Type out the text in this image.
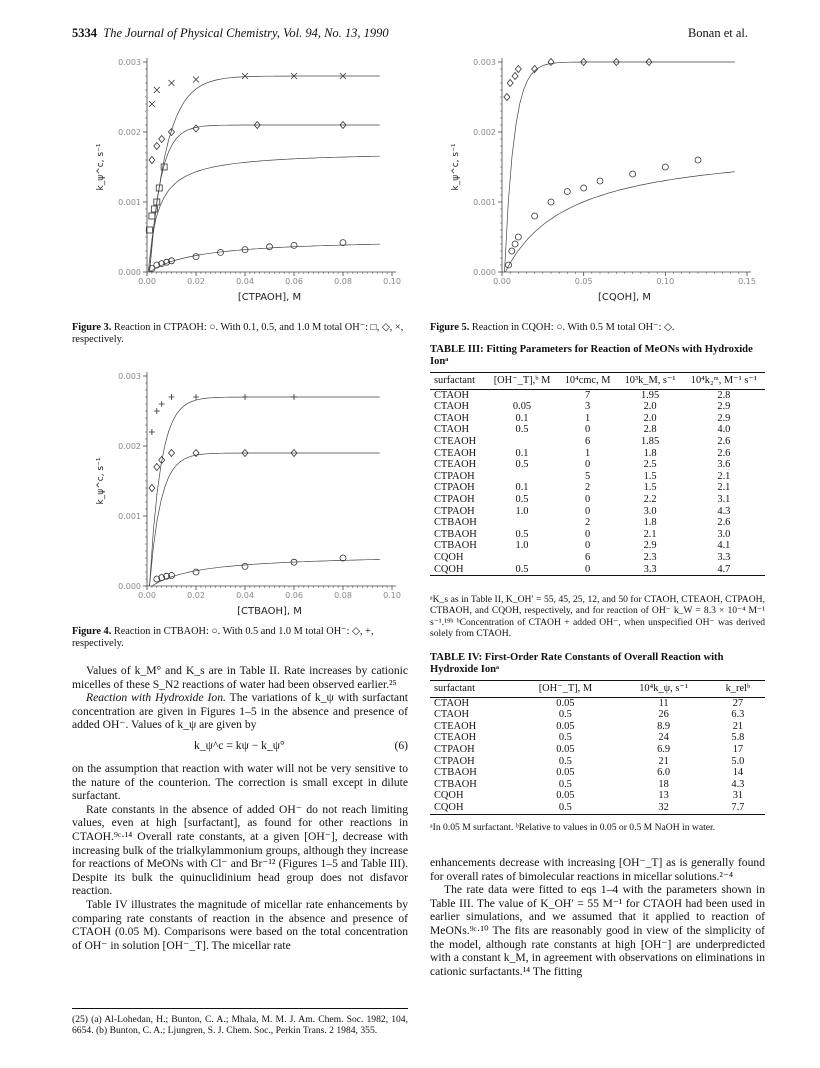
5334 The Journal of Physical Chemistry, Vol. 94, No. 13, 1990	Bonan et al.
0.000
0.001
0.002
0.003
0.00	0.02	0.04	0.06	0.08	0.10
[CTPAOH], M
k_ψ^c, s⁻¹
Figure 3. Reaction in CTPAOH: ○. With 0.1, 0.5, and 1.0 M total OH⁻: □, ◇, ×, respectively.
0.000
0.001
0.002
0.003
0.00	0.02	0.04	0.06	0.08	0.10
[CTBAOH], M
k_ψ^c, s⁻¹
Figure 4. Reaction in CTBAOH: ○. With 0.5 and 1.0 M total OH⁻: ◇, +, respectively.

Values of k_M° and K_s are in Table II. Rate increases by cationic micelles of these S_N2 reactions of water had been observed earlier.²⁵

Reaction with Hydroxide Ion. The variations of k_ψ with surfactant concentration are given in Figures 1–5 in the absence and presence of added OH⁻. Values of k_ψ are given by

k_ψ^c = kψ − k_ψ°	(6)

on the assumption that reaction with water will not be very sensitive to the nature of the counterion. The correction is small except in dilute surfactant.

Rate constants in the absence of added OH⁻ do not reach limiting values, even at high [surfactant], as found for other reactions in CTAOH.⁹ᶜ·¹⁴ Overall rate constants, at a given [OH⁻], decrease with increasing bulk of the trialkylammonium groups, although they increase for reactions of MeONs with Cl⁻ and Br⁻¹² (Figures 1–5 and Table III). Despite its bulk the quinuclidinium head group does not disfavor reaction.

Table IV illustrates the magnitude of micellar rate enhancements by comparing rate constants of reaction in the absence and presence of CTAOH (0.05 M). Comparisons were based on the total concentration of OH⁻ in solution [OH⁻_T]. The micellar rate

(25) (a) Al-Lohedan, H.; Bunton, C. A.; Mhala, M. M. J. Am. Chem. Soc. 1982, 104, 6654. (b) Bunton, C. A.; Ljungren, S. J. Chem. Soc., Perkin Trans. 2 1984, 355.
0.000
0.001
0.002
0.003
0.00	0.05	0.10	0.15
[CQOH], M
k_ψ^c, s⁻¹
Figure 5. Reaction in CQOH: ○. With 0.5 M total OH⁻: ◇.
TABLE III: Fitting Parameters for Reaction of MeONs with Hydroxide Ionᵃ
surfactant	[OH⁻_T],ᵇ M	10⁴cmc, M	10³k_M, s⁻¹	10⁴k₂ᵐ, M⁻¹ s⁻¹
CTAOH		7	1.95	2.8
CTAOH	0.05	3	2.0	2.9
CTAOH	0.1	1	2.0	2.9
CTAOH	0.5	0	2.8	4.0
CTEAOH		6	1.85	2.6
CTEAOH	0.1	1	1.8	2.6
CTEAOH	0.5	0	2.5	3.6
CTPAOH		5	1.5	2.1
CTPAOH	0.1	2	1.5	2.1
CTPAOH	0.5	0	2.2	3.1
CTPAOH	1.0	0	3.0	4.3
CTBAOH		2	1.8	2.6
CTBAOH	0.5	0	2.1	3.0
CTBAOH	1.0	0	2.9	4.1
CQOH		6	2.3	3.3
CQOH	0.5	0	3.3	4.7
ᵃK_s as in Table II, K_OH′ = 55, 45, 25, 12, and 50 for CTAOH, CTEAOH, CTPAOH, CTBAOH, and CQOH, respectively, and for reaction of OH⁻ k_W = 8.3 × 10⁻⁴ M⁻¹ s⁻¹.¹⁹ᵇ ᵇConcentration of CTAOH + added OH⁻, when unspecified OH⁻ was derived solely from CTAOH.
TABLE IV: First-Order Rate Constants of Overall Reaction with Hydroxide Ionᵃ
surfactant	[OH⁻_T], M	10⁴k_ψ, s⁻¹	k_relᵇ
CTAOH	0.05	11	27
CTAOH	0.5	26	6.3
CTEAOH	0.05	8.9	21
CTEAOH	0.5	24	5.8
CTPAOH	0.05	6.9	17
CTPAOH	0.5	21	5.0
CTBAOH	0.05	6.0	14
CTBAOH	0.5	18	4.3
CQOH	0.05	13	31
CQOH	0.5	32	7.7
ᵃIn 0.05 M surfactant. ᵇRelative to values in 0.05 or 0.5 M NaOH in water.

enhancements decrease with increasing [OH⁻_T] as is generally found for overall rates of bimolecular reactions in micellar solutions.²⁻⁴

The rate data were fitted to eqs 1–4 with the parameters shown in Table III. The value of K_OH′ = 55 M⁻¹ for CTAOH had been used in earlier simulations, and we assumed that it applied to reaction of MeONs.⁹ᶜ·¹⁰ The fits are reasonably good in view of the simplicity of the model, although rate constants at high [OH⁻] are underpredicted with a constant k_M, in agreement with observations on eliminations in cationic surfactants.¹⁴ The fitting
